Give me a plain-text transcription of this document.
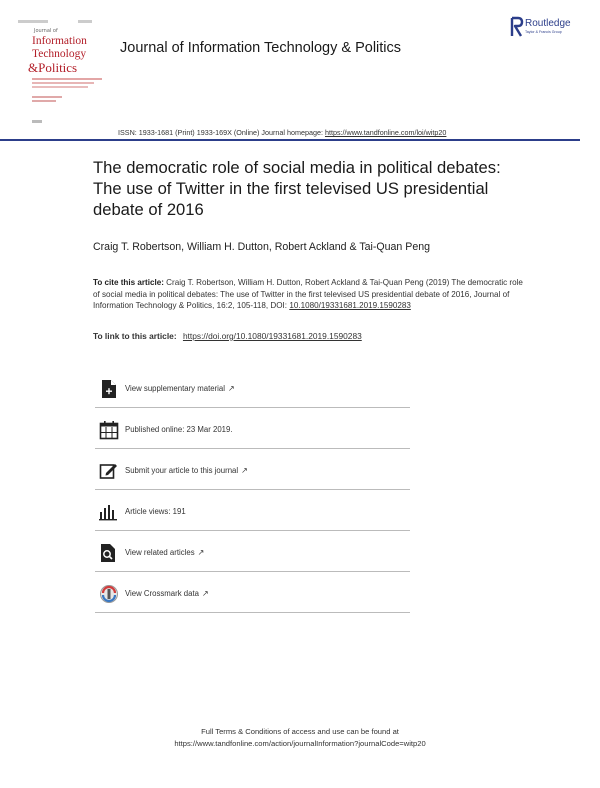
Journal of
Information
Technology
&Politics
Journal of Information Technology & Politics
Routledge
Taylor & Francis Group
ISSN: 1933-1681 (Print) 1933-169X (Online) Journal homepage: https://www.tandfonline.com/loi/witp20
The democratic role of social media in political debates: The use of Twitter in the first televised US presidential debate of 2016
Craig T. Robertson, William H. Dutton, Robert Ackland & Tai-Quan Peng
To cite this article: Craig T. Robertson, William H. Dutton, Robert Ackland & Tai-Quan Peng (2019) The democratic role of social media in political debates: The use of Twitter in the first televised US presidential debate of 2016, Journal of Information Technology & Politics, 16:2, 105-118, DOI: 10.1080/19331681.2019.1590283
To link to this article: https://doi.org/10.1080/19331681.2019.1590283
View supplementary material ↗
Published online: 23 Mar 2019.
Submit your article to this journal ↗
Article views: 191
View related articles ↗
View Crossmark data ↗
Full Terms & Conditions of access and use can be found at
https://www.tandfonline.com/action/journalInformation?journalCode=witp20
